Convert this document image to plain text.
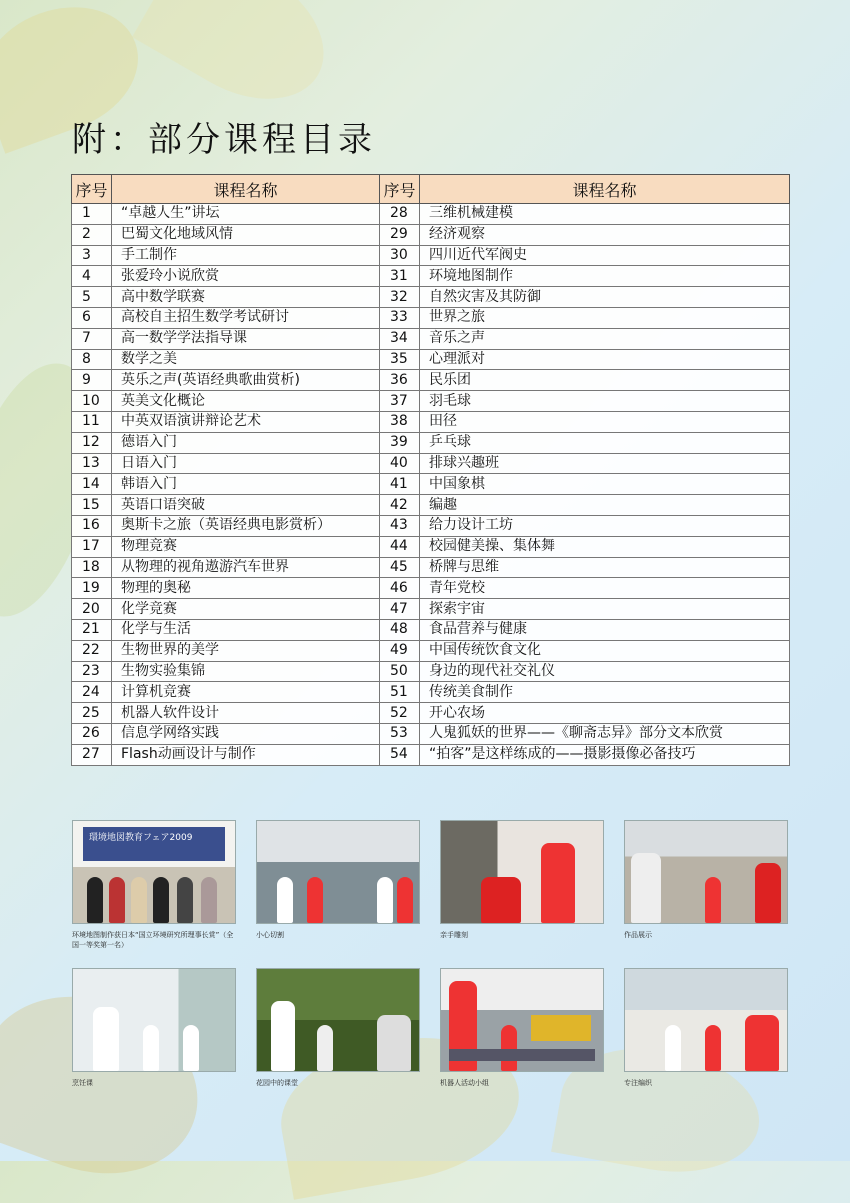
附：部分课程目录
序号	课程名称	序号	课程名称
1	“卓越人生”讲坛	28	三维机械建模
2	巴蜀文化地域风情	29	经济观察
3	手工制作	30	四川近代军阀史
4	张爱玲小说欣赏	31	环境地图制作
5	高中数学联赛	32	自然灾害及其防御
6	高校自主招生数学考试研讨	33	世界之旅
7	高一数学学法指导课	34	音乐之声
8	数学之美	35	心理派对
9	英乐之声(英语经典歌曲赏析)	36	民乐团
10	英美文化概论	37	羽毛球
11	中英双语演讲辩论艺术	38	田径
12	德语入门	39	乒乓球
13	日语入门	40	排球兴趣班
14	韩语入门	41	中国象棋
15	英语口语突破	42	编趣
16	奥斯卡之旅（英语经典电影赏析）	43	给力设计工坊
17	物理竞赛	44	校园健美操、集体舞
18	从物理的视角遨游汽车世界	45	桥牌与思维
19	物理的奥秘	46	青年党校
20	化学竞赛	47	探索宇宙
21	化学与生活	48	食品营养与健康
22	生物世界的美学	49	中国传统饮食文化
23	生物实验集锦	50	身边的现代社交礼仪
24	计算机竞赛	51	传统美食制作
25	机器人软件设计	52	开心农场
26	信息学网络实践	53	人鬼狐妖的世界——《聊斋志异》部分文本欣赏
27	Flash动画设计与制作	54	“拍客”是这样练成的——摄影摄像必备技巧
環境地図教育フェア2009
环境地图制作获日本“国立环境研究所理事长赏”（全国一等奖第一名）
小心切割	亲手雕刻	作品展示
烹饪课	花园中的课堂	机器人活动小组	专注编织
